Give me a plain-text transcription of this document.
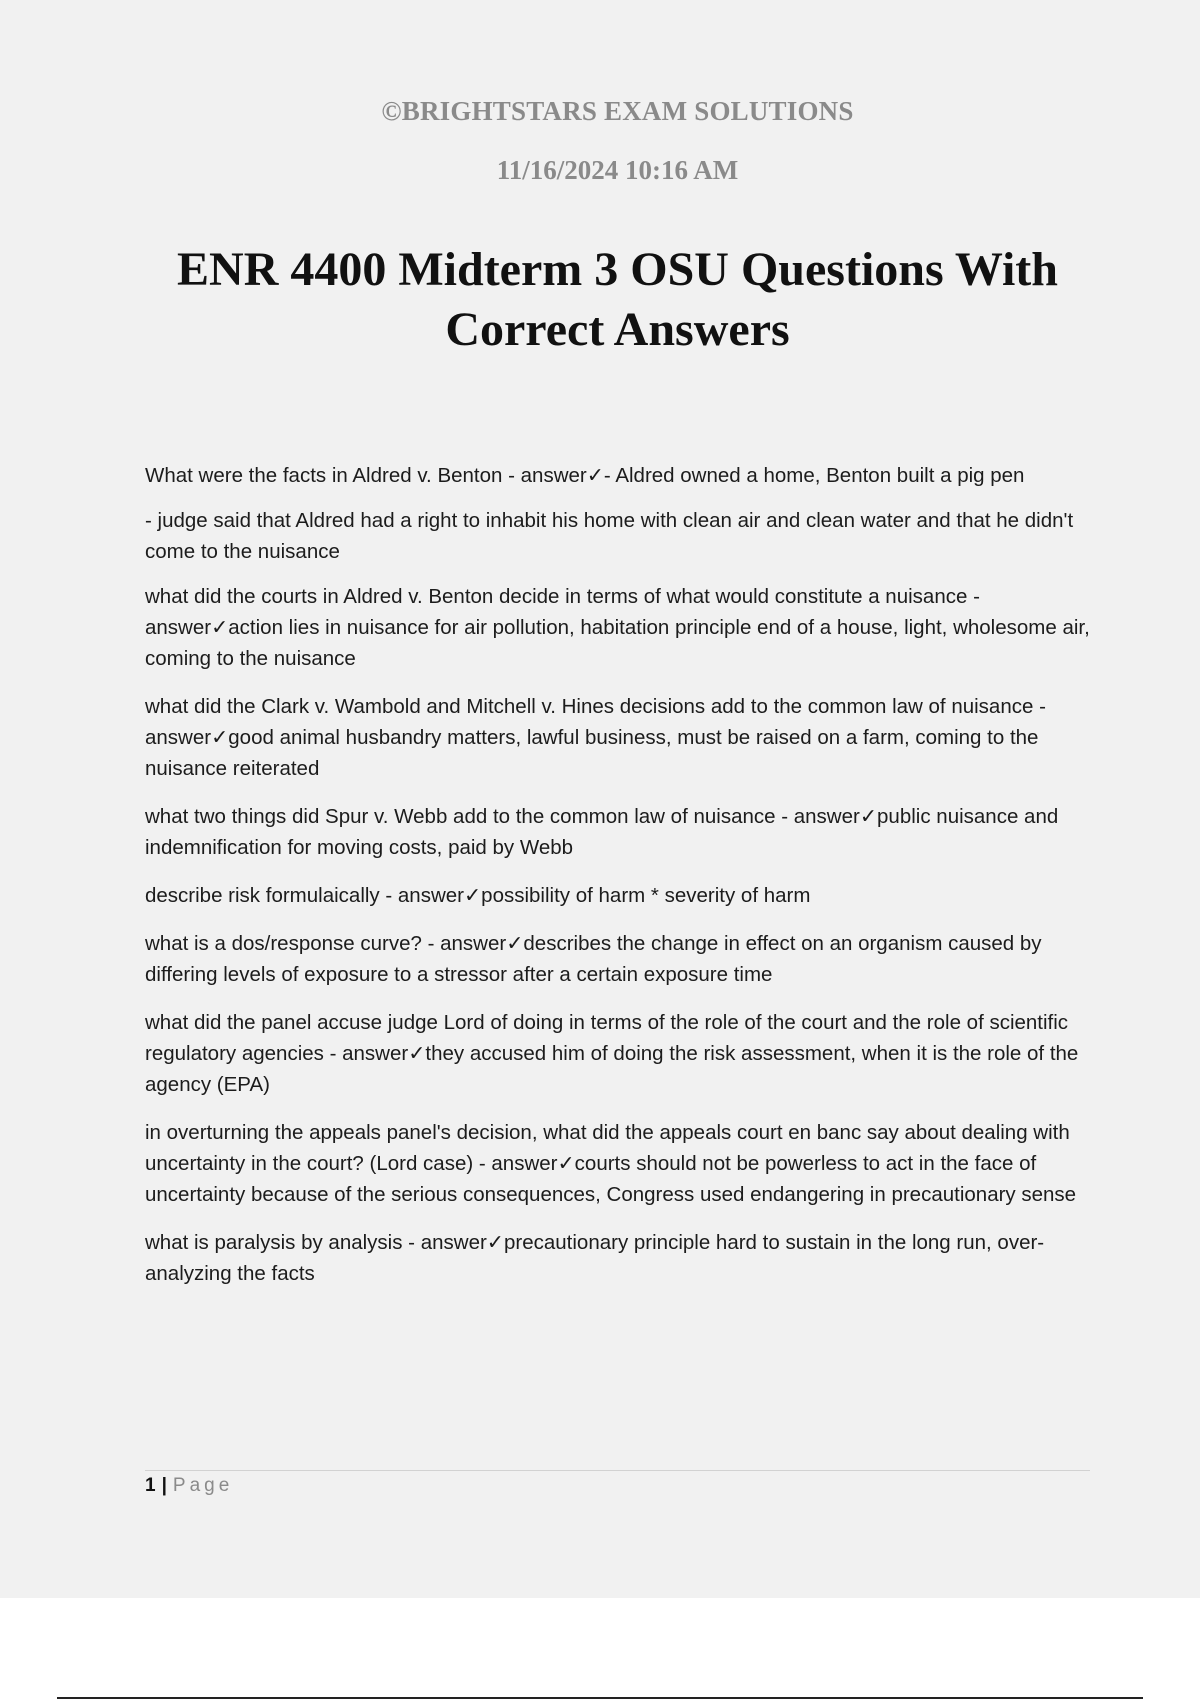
©BRIGHTSTARS EXAM SOLUTIONS
11/16/2024 10:16 AM
ENR 4400 Midterm 3 OSU Questions With Correct Answers

What were the facts in Aldred v. Benton - answer✓- Aldred owned a home, Benton built a pig pen

- judge said that Aldred had a right to inhabit his home with clean air and clean water and that he didn't come to the nuisance

what did the courts in Aldred v. Benton decide in terms of what would constitute a nuisance - answer✓action lies in nuisance for air pollution, habitation principle end of a house, light, wholesome air, coming to the nuisance

what did the Clark v. Wambold and Mitchell v. Hines decisions add to the common law of nuisance - answer✓good animal husbandry matters, lawful business, must be raised on a farm, coming to the nuisance reiterated

what two things did Spur v. Webb add to the common law of nuisance - answer✓public nuisance and indemnification for moving costs, paid by Webb

describe risk formulaically - answer✓possibility of harm * severity of harm

what is a dos/response curve? - answer✓describes the change in effect on an organism caused by differing levels of exposure to a stressor after a certain exposure time

what did the panel accuse judge Lord of doing in terms of the role of the court and the role of scientific regulatory agencies - answer✓they accused him of doing the risk assessment, when it is the role of the agency (EPA)

in overturning the appeals panel's decision, what did the appeals court en banc say about dealing with uncertainty in the court? (Lord case) - answer✓courts should not be powerless to act in the face of uncertainty because of the serious consequences, Congress used endangering in precautionary sense

what is paralysis by analysis - answer✓precautionary principle hard to sustain in the long run, over-analyzing the facts

1 | Page
